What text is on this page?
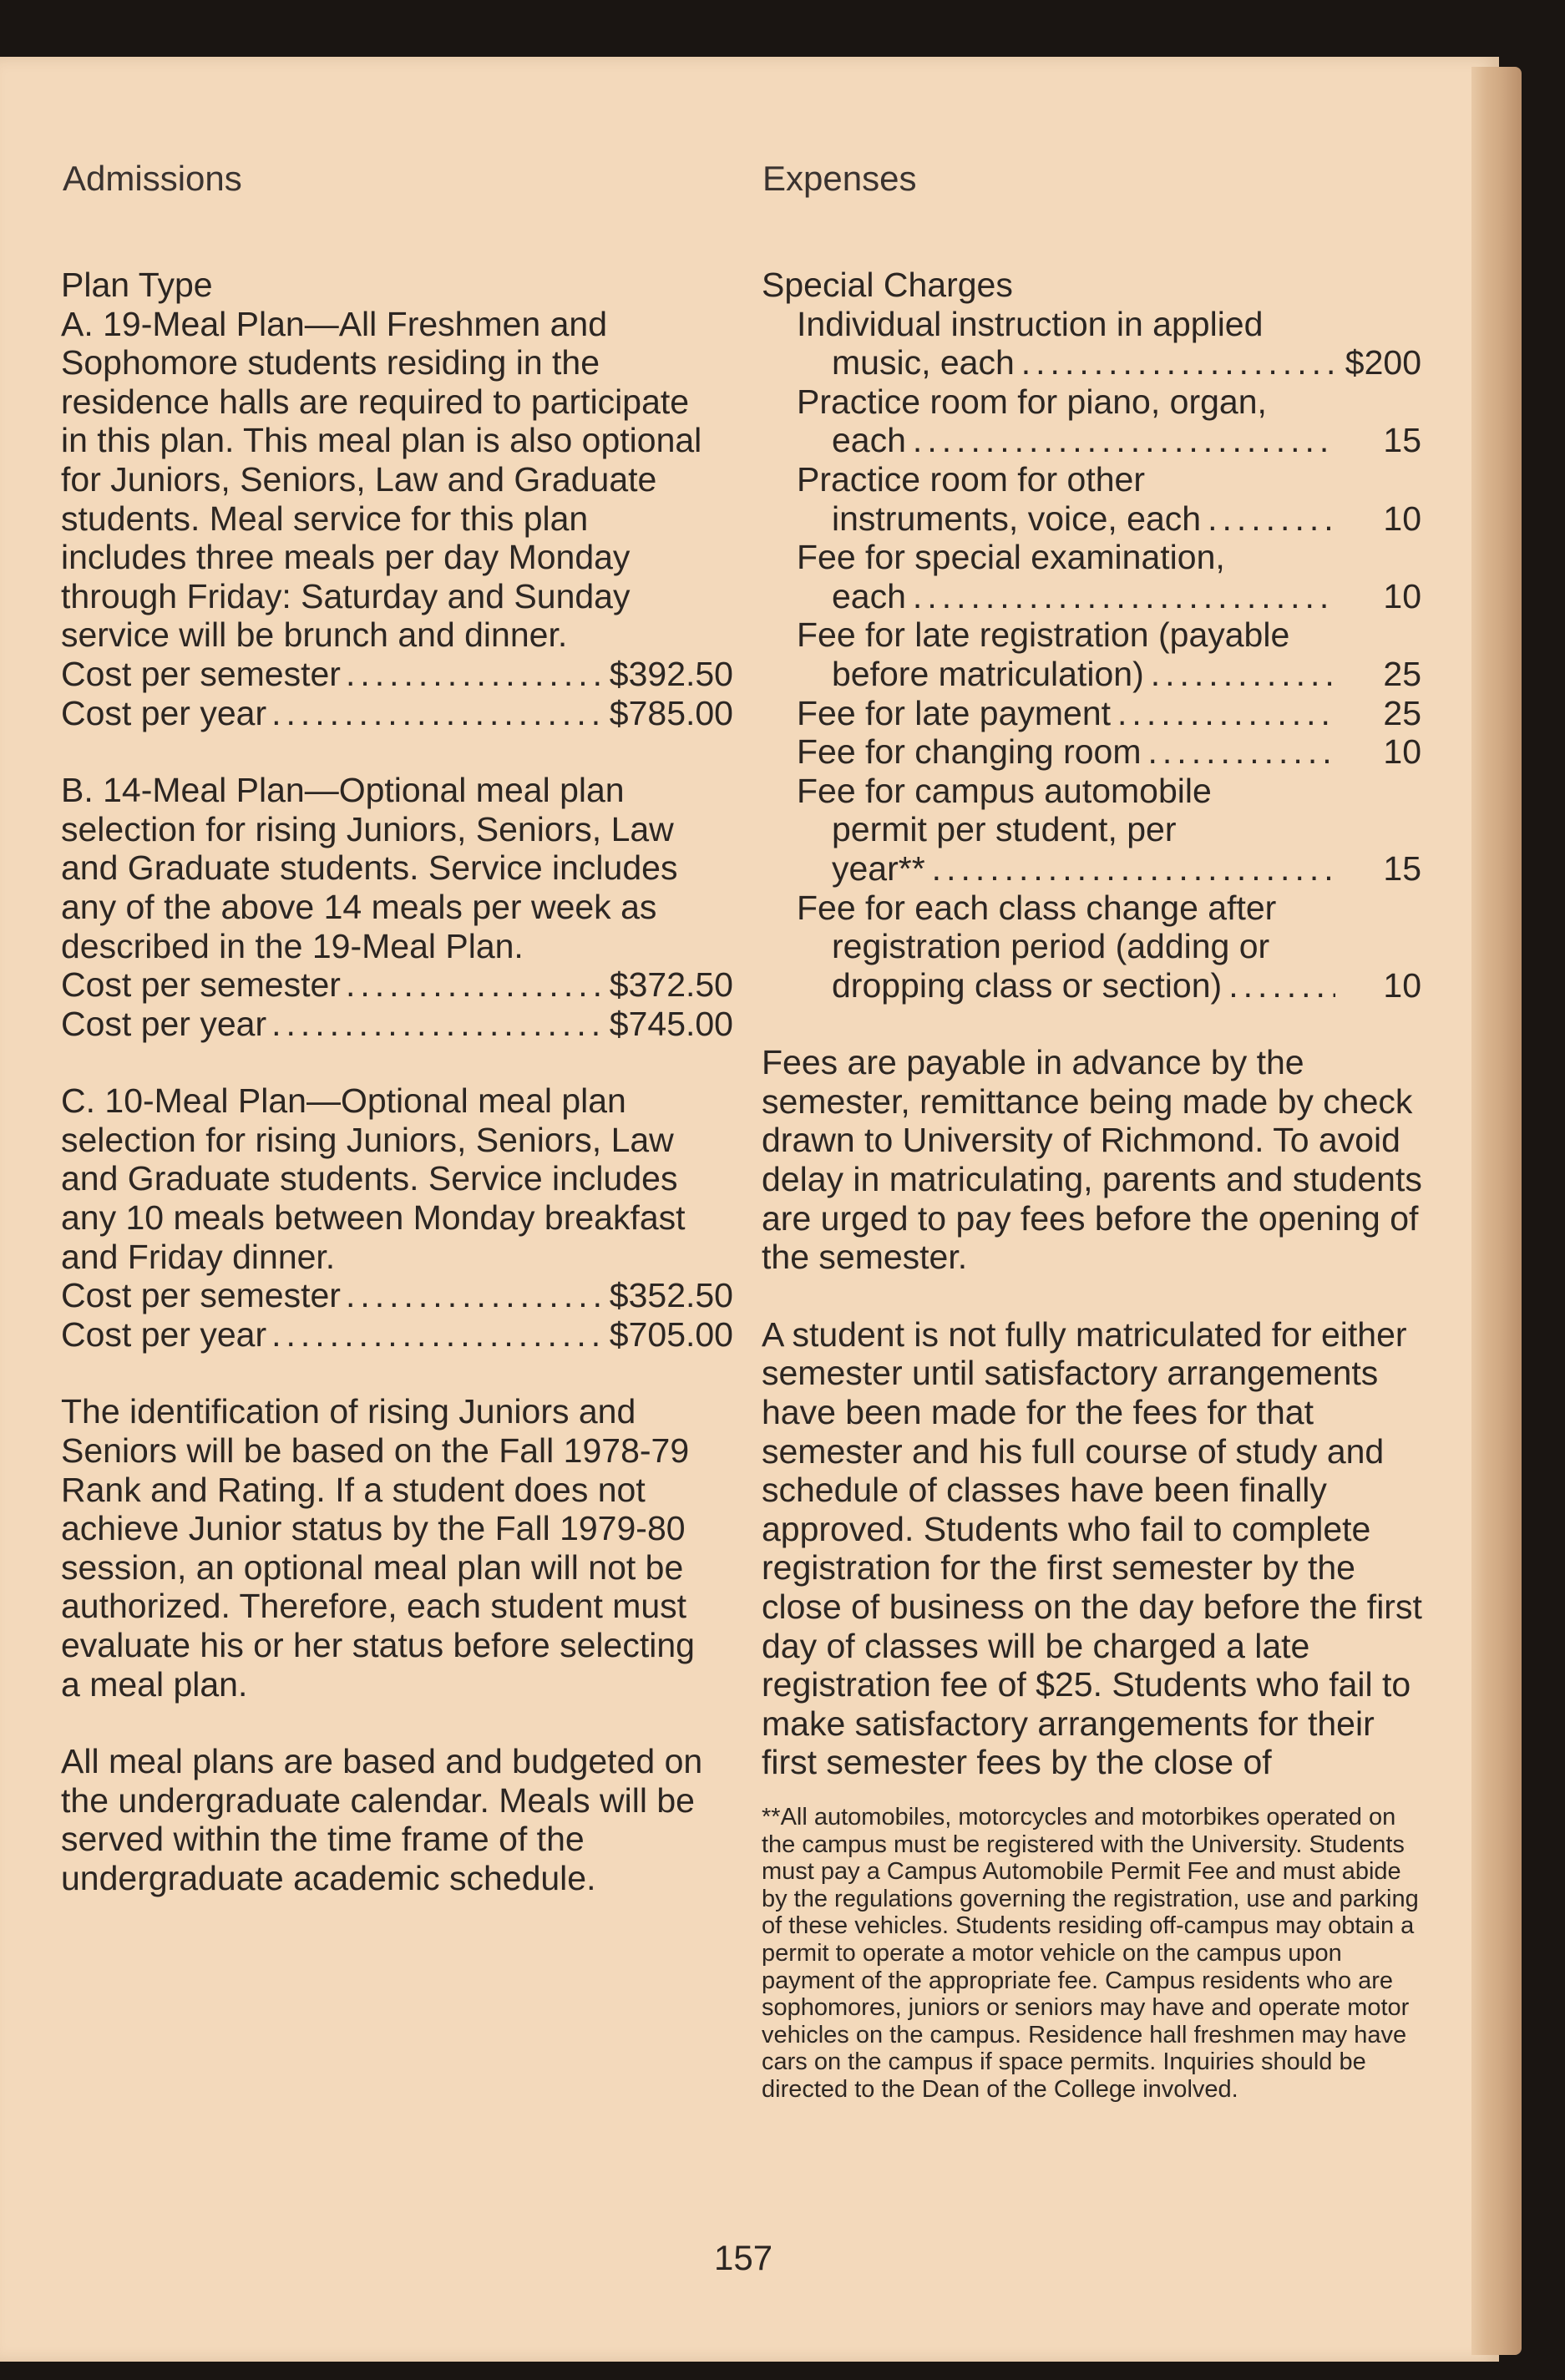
Admissions	Expenses
Plan Type

A. 19-Meal Plan—All Freshmen and Sophomore students residing in the residence halls are required to participate in this plan. This meal plan is also optional for Juniors, Seniors, Law and Graduate students. Meal service for this plan includes three meals per day Monday through Friday: Saturday and Sunday service will be brunch and dinner.

Cost per semester .....	$392.50
Cost per year .....	$785.00

B. 14-Meal Plan—Optional meal plan selection for rising Juniors, Seniors, Law and Graduate students. Service includes any of the above 14 meals per week as described in the 19-Meal Plan.

Cost per semester .....	$372.50
Cost per year .....	$745.00

C. 10-Meal Plan—Optional meal plan selection for rising Juniors, Seniors, Law and Graduate students. Service includes any 10 meals between Monday breakfast and Friday dinner.

Cost per semester .....	$352.50
Cost per year .....	$705.00

The identification of rising Juniors and Seniors will be based on the Fall 1978-79 Rank and Rating. If a student does not achieve Junior status by the Fall 1979-80 session, an optional meal plan will not be authorized. Therefore, each student must evaluate his or her status before selecting a meal plan.

All meal plans are based and budgeted on the undergraduate calendar. Meals will be served within the time frame of the undergraduate academic schedule.

Special Charges
Individual instruction in applied
music, each .....	$200
Practice room for piano, organ,
each .....	15
Practice room for other
instruments, voice, each .....	10
Fee for special examination,
each .....	10
Fee for late registration (payable
before matriculation) .....	25
Fee for late payment .....	25
Fee for changing room .....	10
Fee for campus automobile
permit per student, per
year** .....	15
Fee for each class change after
registration period (adding or
dropping class or section) .....	10

Fees are payable in advance by the semester, remittance being made by check drawn to University of Richmond. To avoid delay in matriculating, parents and students are urged to pay fees before the opening of the semester.

A student is not fully matriculated for either semester until satisfactory arrangements have been made for the fees for that semester and his full course of study and schedule of classes have been finally approved. Students who fail to complete registration for the first semester by the close of business on the day before the first day of classes will be charged a late registration fee of $25. Students who fail to make satisfactory arrangements for their first semester fees by the close of

**All automobiles, motorcycles and motorbikes operated on the campus must be registered with the University. Students must pay a Campus Automobile Permit Fee and must abide by the regulations governing the registration, use and parking of these vehicles. Students residing off-campus may obtain a permit to operate a motor vehicle on the campus upon payment of the appropriate fee. Campus residents who are sophomores, juniors or seniors may have and operate motor vehicles on the campus. Residence hall freshmen may have cars on the campus if space permits. Inquiries should be directed to the Dean of the College involved.

157
